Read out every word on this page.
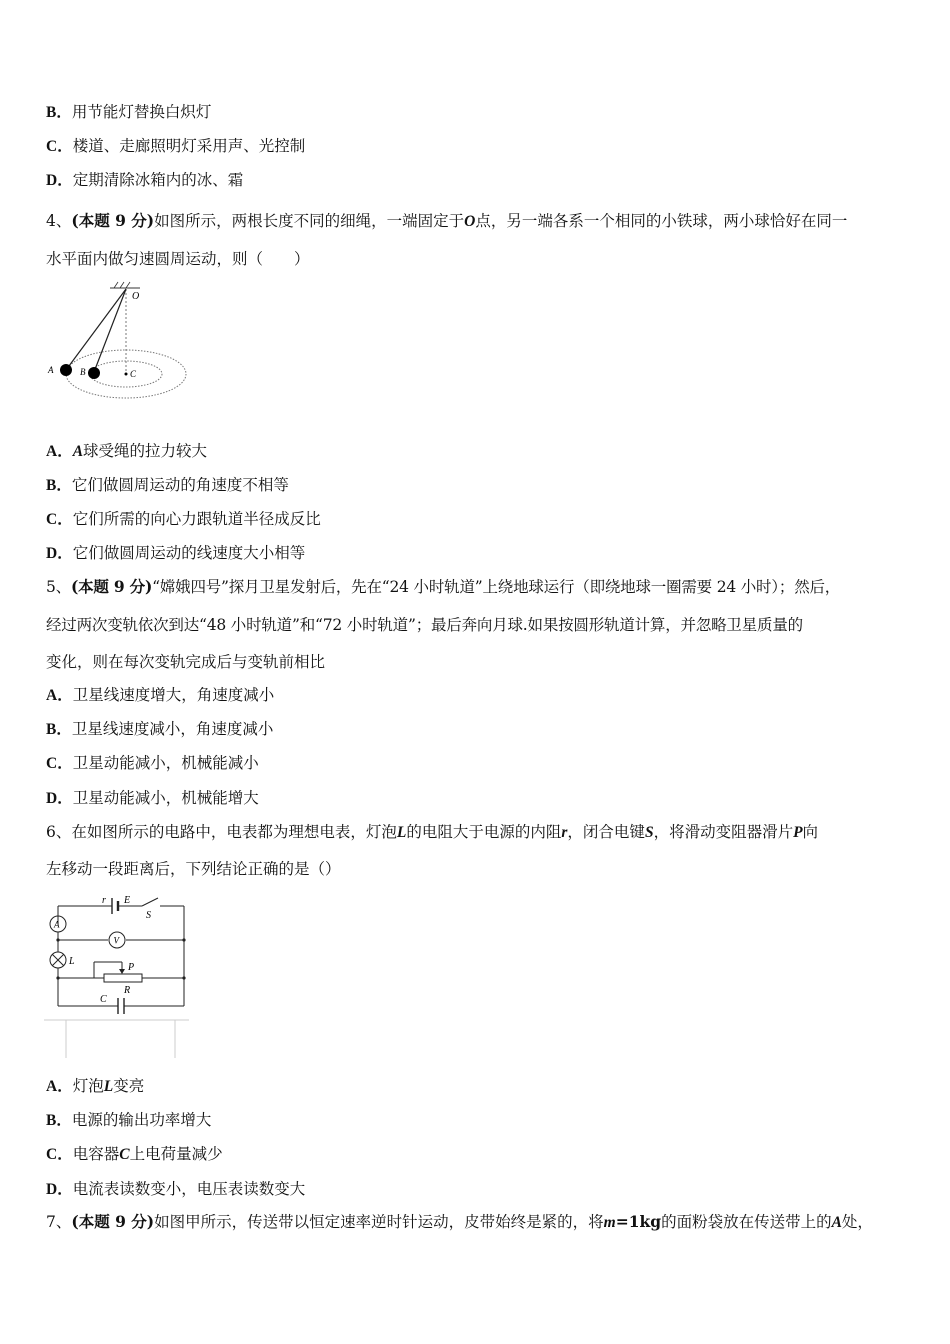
B．用节能灯替换白炽灯
C．楼道、走廊照明灯采用声、光控制
D．定期清除冰箱内的冰、霜
4、(本题 9 分)如图所示，两根长度不同的细绳，一端固定于O点，另一端各系一个相同的小铁球，两小球恰好在同一
水平面内做匀速圆周运动，则（　　）
O
A	B	C
A．A球受绳的拉力较大
B．它们做圆周运动的角速度不相等
C．它们所需的向心力跟轨道半径成反比
D．它们做圆周运动的线速度大小相等
5、(本题 9 分)“嫦娥四号”探月卫星发射后，先在“24 小时轨道”上绕地球运行（即绕地球一圈需要 24 小时）；然后，
经过两次变轨依次到达“48 小时轨道”和“72 小时轨道”；最后奔向月球.如果按圆形轨道计算，并忽略卫星质量的
变化，则在每次变轨完成后与变轨前相比
A．卫星线速度增大，角速度减小
B．卫星线速度减小，角速度减小
C．卫星动能减小，机械能减小
D．卫星动能减小，机械能增大
6、在如图所示的电路中，电表都为理想电表，灯泡L的电阻大于电源的内阻r，闭合电键S，将滑动变阻器滑片P向
左移动一段距离后，下列结论正确的是（）
r E
S
A
V
L
P
R
C
A．灯泡L变亮
B．电源的输出功率增大
C．电容器C上电荷量减少
D．电流表读数变小，电压表读数变大
7、(本题 9 分)如图甲所示，传送带以恒定速率逆时针运动，皮带始终是紧的，将m=1kg的面粉袋放在传送带上的A处，
